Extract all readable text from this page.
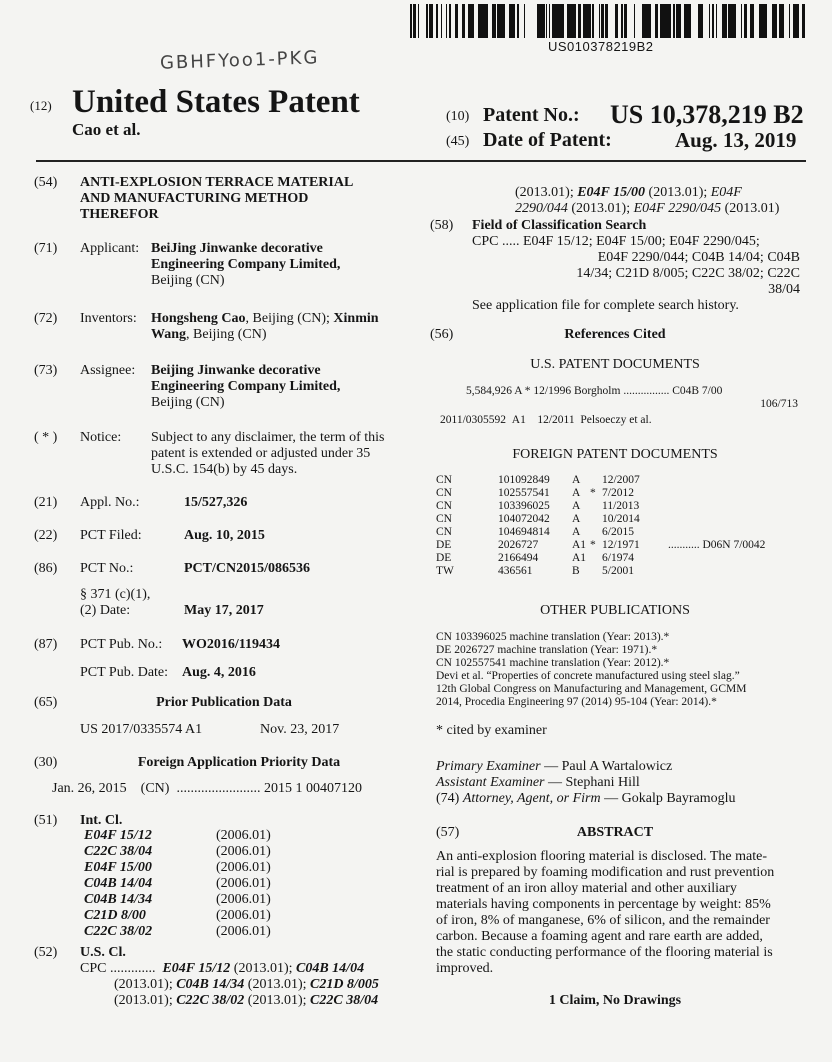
GBHFYoo1-PKG
US010378219B2
(12) United States Patent
Cao et al.
(10) Patent No.: US 10,378,219 B2
(45) Date of Patent:	Aug. 13, 2019
(54) ANTI-EXPLOSION TERRACE MATERIAL
AND MANUFACTURING METHOD
THEREFOR
(71) Applicant: BeiJing Jinwanke decorative
Engineering Company Limited,
Beijing (CN)
(72) Inventors: Hongsheng Cao, Beijing (CN); Xinmin
Wang, Beijing (CN)
(73) Assignee: Beijing Jinwanke decorative
Engineering Company Limited,
Beijing (CN)
( * ) Notice: Subject to any disclaimer, the term of this
patent is extended or adjusted under 35
U.S.C. 154(b) by 45 days.
(21) Appl. No.:	15/527,326
(22) PCT Filed:	Aug. 10, 2015
(86) PCT No.:	PCT/CN2015/086536
§ 371 (c)(1),
(2) Date:	May 17, 2017
(87) PCT Pub. No.: WO2016/119434
PCT Pub. Date: Aug. 4, 2016
(65)	Prior Publication Data
US 2017/0335574 A1	Nov. 23, 2017
(30)	Foreign Application Priority Data
Jan. 26, 2015 (CN) ........................ 2015 1 00407120
(51) Int. Cl.
E04F 15/12	(2006.01)
C22C 38/04	(2006.01)
E04F 15/00	(2006.01)
C04B 14/04	(2006.01)
C04B 14/34	(2006.01)
C21D 8/00	(2006.01)
C22C 38/02	(2006.01)
(52) U.S. Cl.
CPC ............. E04F 15/12 (2013.01); C04B 14/04
(2013.01); C04B 14/34 (2013.01); C21D 8/005
(2013.01); C22C 38/02 (2013.01); C22C 38/04
(2013.01); E04F 15/00 (2013.01); E04F
2290/044 (2013.01); E04F 2290/045 (2013.01)
(58) Field of Classification Search
CPC ..... E04F 15/12; E04F 15/00; E04F 2290/045;
E04F 2290/044; C04B 14/04; C04B
14/34; C21D 8/005; C22C 38/02; C22C
38/04
See application file for complete search history.
(56)	References Cited
U.S. PATENT DOCUMENTS
5,584,926 A * 12/1996 Borgholm ................ C04B 7/00
106/713
2011/0305592 A1 12/2011 Pelsoeczy et al.
FOREIGN PATENT DOCUMENTS
CN	101092849	A		12/2007	
CN	102557541	A	*	7/2012	
CN	103396025	A		11/2013	
CN	104072042	A		10/2014	
CN	104694814	A		6/2015	
DE	2026727	A1	*	12/1971	........... D06N 7/0042
DE	2166494	A1		6/1974	
TW	436561	B		5/2001	
OTHER PUBLICATIONS
CN 103396025 machine translation (Year: 2013).*
DE 2026727 machine translation (Year: 1971).*
CN 102557541 machine translation (Year: 2012).*
Devi et al. “Properties of concrete manufactured using steel slag.”
12th Global Congress on Manufacturing and Management, GCMM
2014, Procedia Engineering 97 (2014) 95-104 (Year: 2014).*
* cited by examiner
Primary Examiner — Paul A Wartalowicz
Assistant Examiner — Stephani Hill
(74) Attorney, Agent, or Firm — Gokalp Bayramoglu
(57)	ABSTRACT
An anti-explosion flooring material is disclosed. The mate-
rial is prepared by foaming modification and rust prevention
treatment of an iron alloy material and other auxiliary
materials having components in percentage by weight: 85%
of iron, 8% of manganese, 6% of silicon, and the remainder
carbon. Because a foaming agent and rare earth are added,
the static conducting performance of the flooring material is
improved.
1 Claim, No Drawings
